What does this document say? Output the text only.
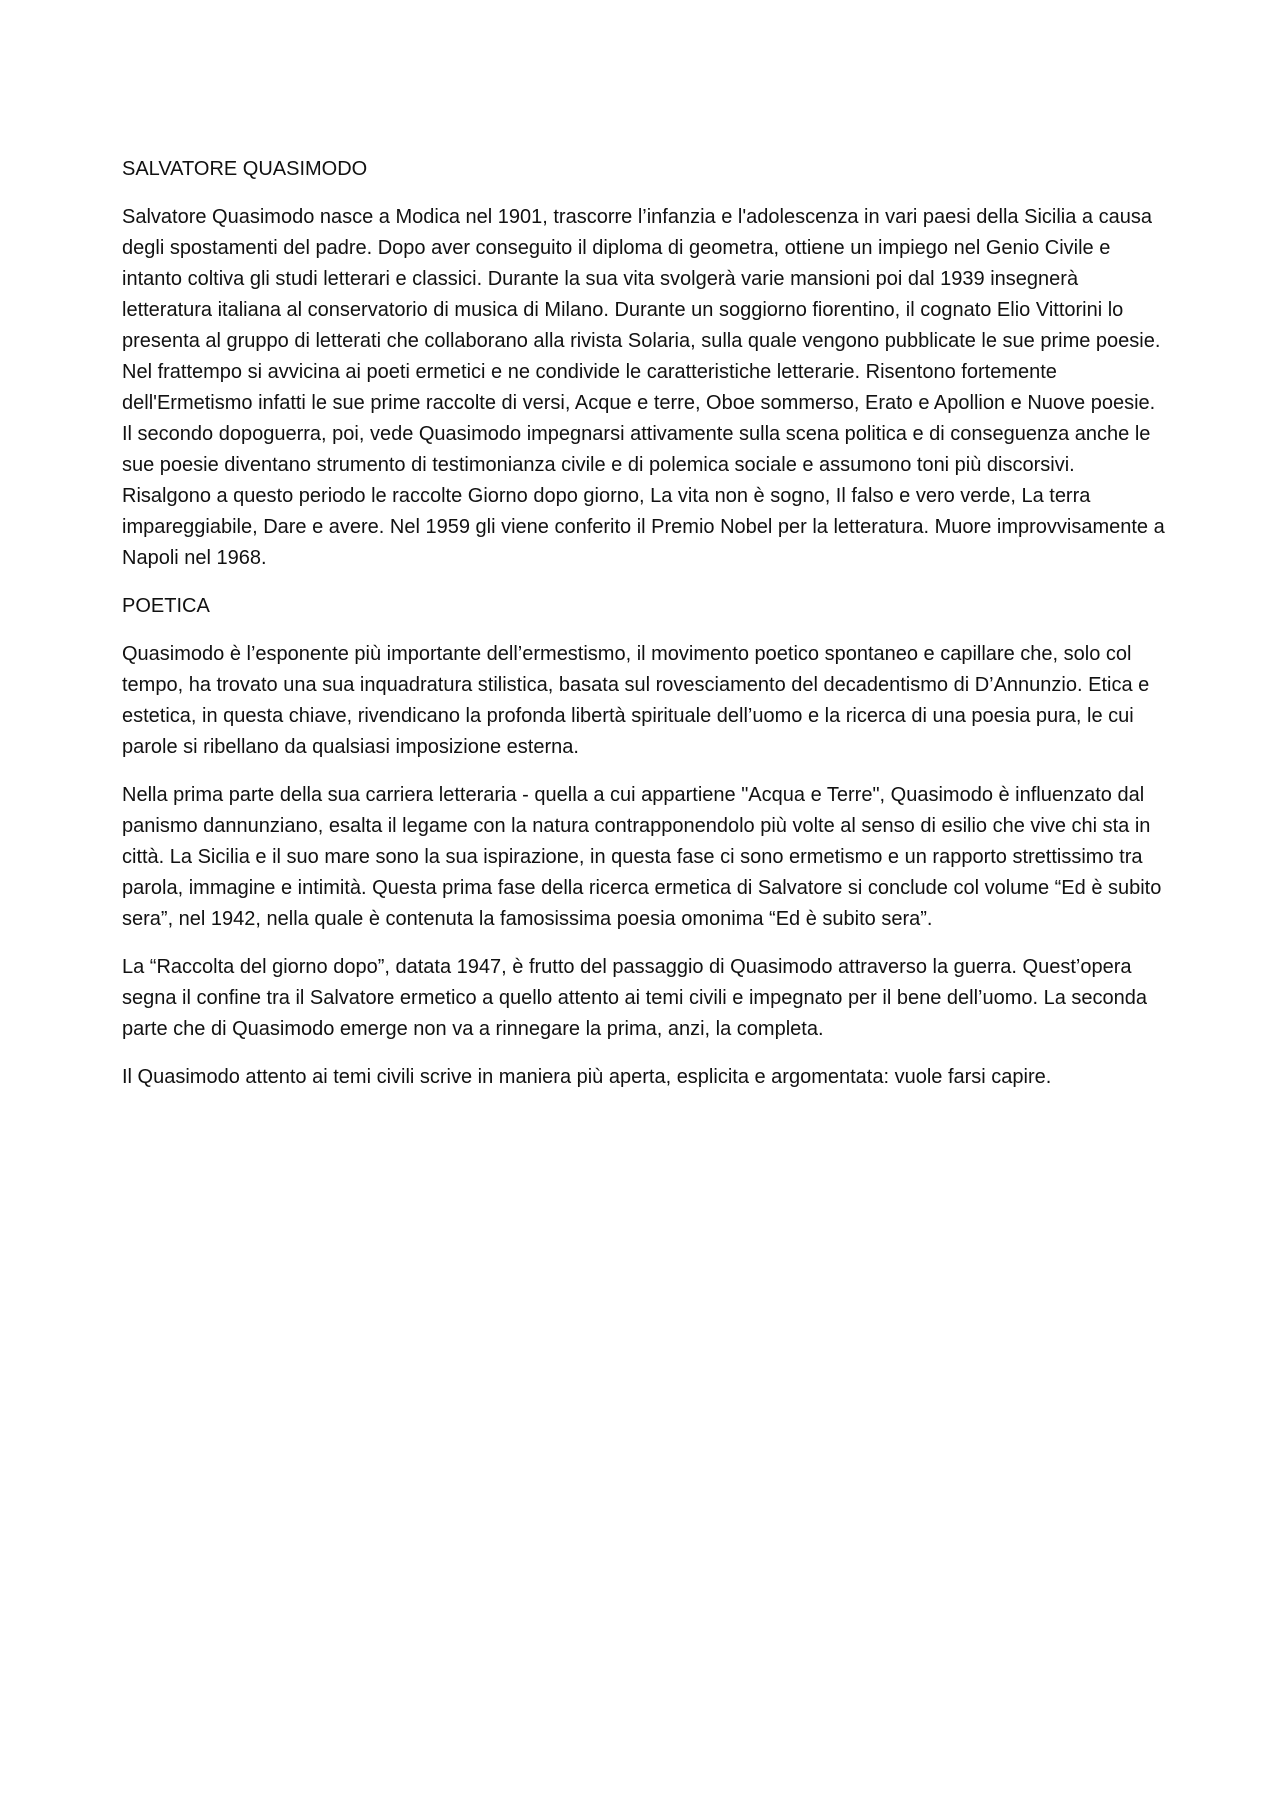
SALVATORE QUASIMODO

Salvatore Quasimodo nasce a Modica nel 1901, trascorre l’infanzia e l'adolescenza in vari paesi della Sicilia a causa degli spostamenti del padre. Dopo aver conseguito il diploma di geometra, ottiene un impiego nel Genio Civile e intanto coltiva gli studi letterari e classici. Durante la sua vita svolgerà varie mansioni poi dal 1939 insegnerà letteratura italiana al conservatorio di musica di Milano. Durante un soggiorno fiorentino, il cognato Elio Vittorini lo presenta al gruppo di letterati che collaborano alla rivista Solaria, sulla quale vengono pubblicate le sue prime poesie. Nel frattempo si avvicina ai poeti ermetici e ne condivide le caratteristiche letterarie. Risentono fortemente dell'Ermetismo infatti le sue prime raccolte di versi, Acque e terre, Oboe sommerso, Erato e Apollion e Nuove poesie. Il secondo dopoguerra, poi, vede Quasimodo impegnarsi attivamente sulla scena politica e di conseguenza anche le sue poesie diventano strumento di testimonianza civile e di polemica sociale e assumono toni più discorsivi. Risalgono a questo periodo le raccolte Giorno dopo giorno, La vita non è sogno, Il falso e vero verde, La terra impareggiabile, Dare e avere. Nel 1959 gli viene conferito il Premio Nobel per la letteratura. Muore improvvisamente a Napoli nel 1968.

POETICA

Quasimodo è l’esponente più importante dell’ermestismo, il movimento poetico spontaneo e capillare che, solo col tempo, ha trovato una sua inquadratura stilistica, basata sul rovesciamento del decadentismo di D’Annunzio. Etica e estetica, in questa chiave, rivendicano la profonda libertà spirituale dell’uomo e la ricerca di una poesia pura, le cui parole si ribellano da qualsiasi imposizione esterna.

Nella prima parte della sua carriera letteraria - quella a cui appartiene "Acqua e Terre", Quasimodo è influenzato dal panismo dannunziano, esalta il legame con la natura contrapponendolo più volte al senso di esilio che vive chi sta in città. La Sicilia e il suo mare sono la sua ispirazione, in questa fase ci sono ermetismo e un rapporto strettissimo tra parola, immagine e intimità. Questa prima fase della ricerca ermetica di Salvatore si conclude col volume “Ed è subito sera”, nel 1942, nella quale è contenuta la famosissima poesia omonima “Ed è subito sera”.

La “Raccolta del giorno dopo”, datata 1947, è frutto del passaggio di Quasimodo attraverso la guerra. Quest’opera segna il confine tra il Salvatore ermetico a quello attento ai temi civili e impegnato per il bene dell’uomo. La seconda parte che di Quasimodo emerge non va a rinnegare la prima, anzi, la completa.

Il Quasimodo attento ai temi civili scrive in maniera più aperta, esplicita e argomentata: vuole farsi capire.
